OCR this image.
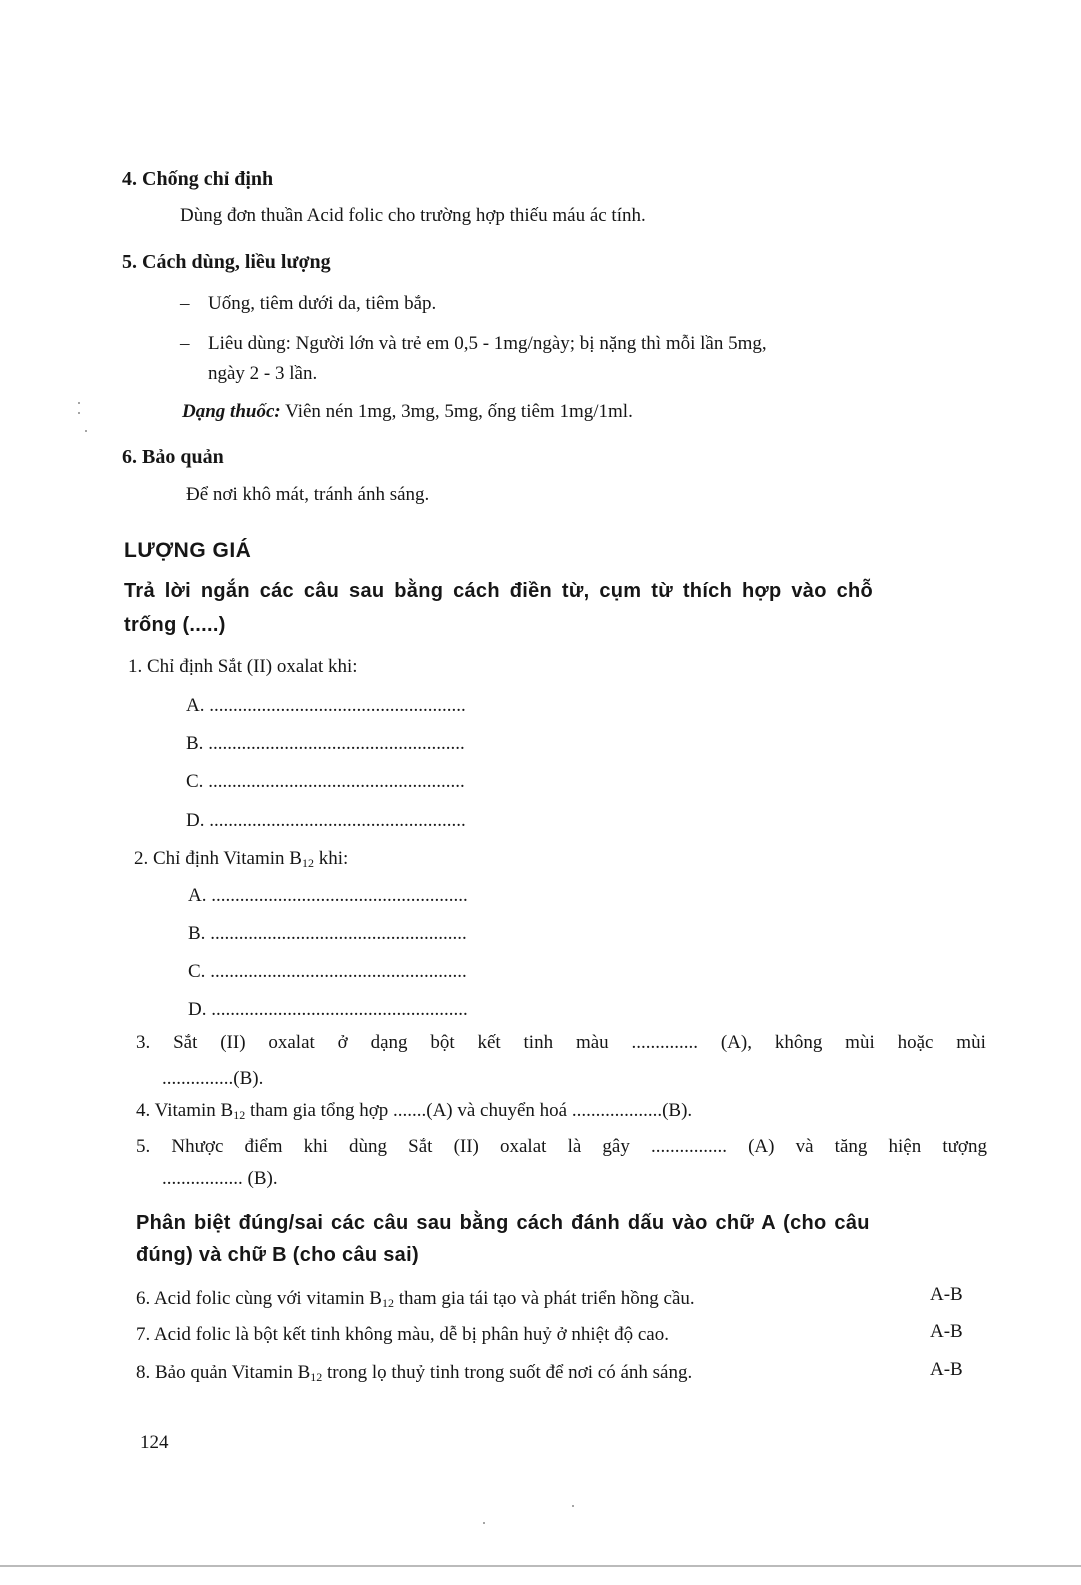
4. Chống chỉ định
Dùng đơn thuần Acid folic cho trường hợp thiếu máu ác tính.
5. Cách dùng, liều lượng
– Uống, tiêm dưới da, tiêm bắp.
– Liêu dùng: Người lớn và trẻ em 0,5 - 1mg/ngày; bị nặng thì mỗi lần 5mg,
ngày 2 - 3 lần.
Dạng thuốc: Viên nén 1mg, 3mg, 5mg, ống tiêm 1mg/1ml.
6. Bảo quản
Để nơi khô mát, tránh ánh sáng.
LƯỢNG GIÁ
Trả lời ngắn các câu sau bằng cách điền từ, cụm từ thích hợp vào chỗ
trống (.....)
1. Chỉ định Sắt (II) oxalat khi:
A. ......................................................
B. ......................................................
C. ......................................................
D. ......................................................
2. Chỉ định Vitamin $B_{12}$ khi:
A. ......................................................
B. ......................................................
C. ......................................................
D. ......................................................
3. Sắt (II) oxalat ở dạng bột kết tinh màu .............. (A), không mùi hoặc mùi
...............(B).
4. Vitamin $B_{12}$ tham gia tổng hợp .......(A) và chuyển hoá ...................(B).
5. Nhược điểm khi dùng Sắt (II) oxalat là gây ................ (A) và tăng hiện tượng
................. (B).
Phân biệt đúng/sai các câu sau bằng cách đánh dấu vào chữ A (cho câu
đúng) và chữ B (cho câu sai)
6. Acid folic cùng với vitamin $B_{12}$ tham gia tái tạo và phát triển hồng cầu.	A-B
7. Acid folic là bột kết tinh không màu, dễ bị phân huỷ ở nhiệt độ cao.	A-B
8. Bảo quản Vitamin $B_{12}$ trong lọ thuỷ tinh trong suốt để nơi có ánh sáng.	A-B
124
